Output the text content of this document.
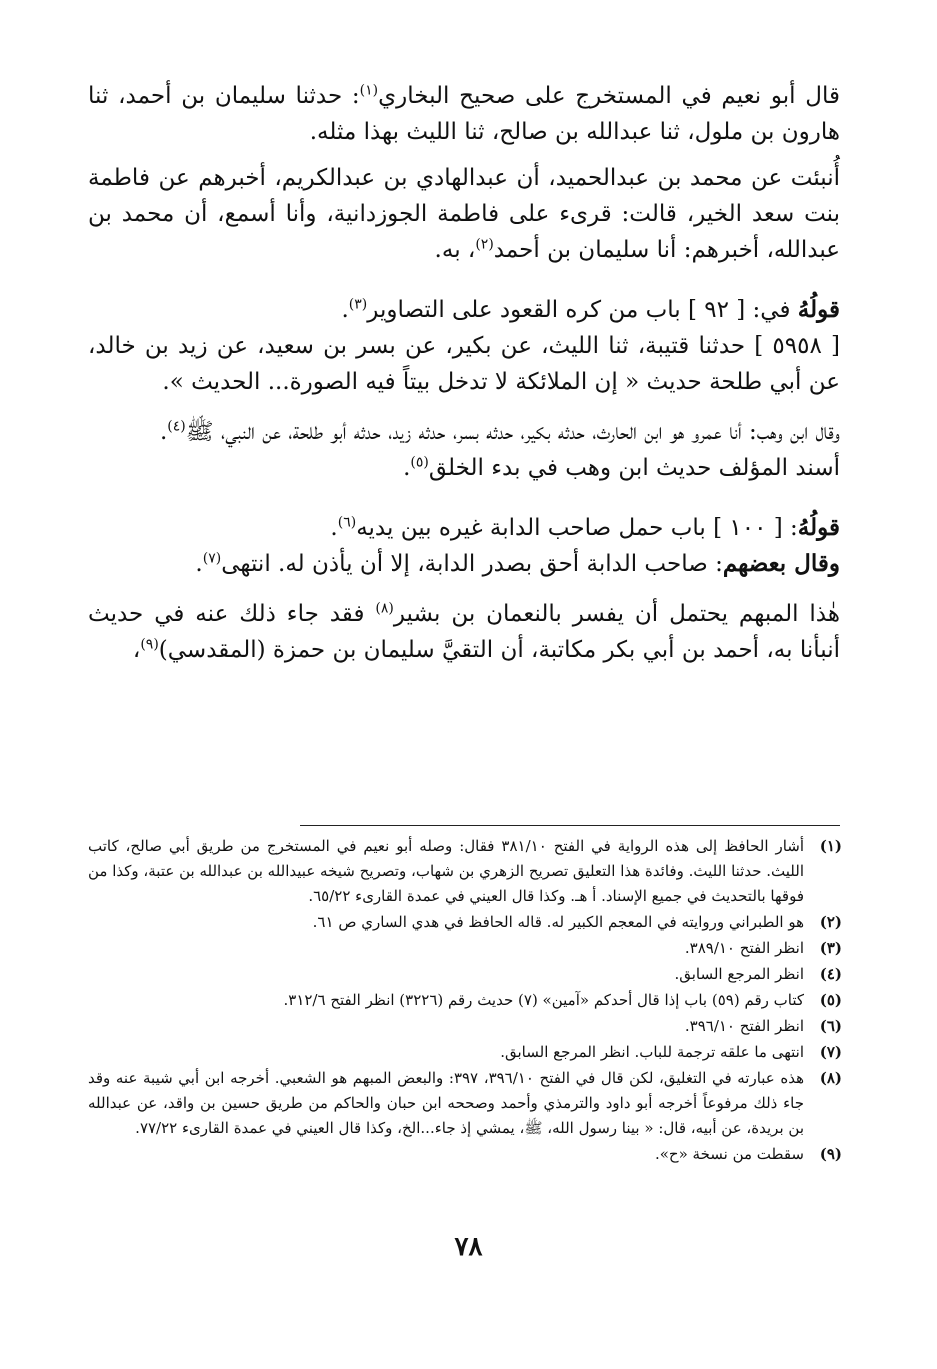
قال أبو نعيم في المستخرج على صحيح البخاري$^{(١)}$: حدثنا سليمان بن أحمد، ثنا هارون بن ملول، ثنا عبدالله بن صالح، ثنا الليث بهذا مثله.

أُنبئت عن محمد بن عبدالحميد، أن عبدالهادي بن عبدالكريم، أخبرهم عن فاطمة بنت سعد الخير، قالت: قرىء على فاطمة الجوزدانية، وأنا أسمع، أن محمد بن عبدالله، أخبرهم: أنا سليمان بن أحمد$^{(٢)}$، به.

قولُهُ في: [ ٩٢ ] باب من كره القعود على التصاوير$^{(٣)}$.

[ ٥٩٥٨ ] حدثنا قتيبة، ثنا الليث، عن بكير، عن بسر بن سعيد، عن زيد بن خالد، عن أبي طلحة حديث « إن الملائكة لا تدخل بيتاً فيه الصورة... الحديث ».

وقال ابن وهب: أنا عمرو هو ابن الحارث، حدثه بكير، حدثه بسر، حدثه زيد، حدثه أبو طلحة، عن النبي، ﷺ$^{(٤)}$.

أسند المؤلف حديث ابن وهب في بدء الخلق$^{(٥)}$.

قولُهُ: [ ١٠٠ ] باب حمل صاحب الدابة غيره بين يديه$^{(٦)}$.

وقال بعضهم: صاحب الدابة أحق بصدر الدابة، إلا أن يأذن له. انتهى$^{(٧)}$.

هٰذا المبهم يحتمل أن يفسر بالنعمان بن بشير$^{(٨)}$ فقد جاء ذلك عنه في حديث أنبأنا به، أحمد بن أبي بكر مكاتبة، أن التقيَّ سليمان بن حمزة (المقدسي)$^{(٩)}$،

(١)
أشار الحافظ إلى هذه الرواية في الفتح ٣٨١/١٠ فقال: وصله أبو نعيم في المستخرج من طريق أبي صالح، كاتب الليث. حدثنا الليث. وفائدة هذا التعليق تصريح الزهري بن شهاب، وتصريح شيخه عبيدالله بن عبدالله بن عتبة، وكذا من فوقها بالتحديث في جميع الإسناد. أ هـ. وكذا قال العيني في عمدة القارىء ٦٥/٢٢.
(٢)
هو الطبراني وروايته في المعجم الكبير له. قاله الحافظ في هدي الساري ص ٦١.
(٣)
انظر الفتح ٣٨٩/١٠.
(٤)
انظر المرجع السابق.
(٥)
كتاب رقم (٥٩) باب إذا قال أحدكم «آمين» (٧) حديث رقم (٣٢٢٦) انظر الفتح ٣١٢/٦.
(٦)
انظر الفتح ٣٩٦/١٠.
(٧)
انتهى ما علقه ترجمة للباب. انظر المرجع السابق.
(٨)
هذه عبارته في التغليق، لكن قال في الفتح ٣٩٦/١٠، ٣٩٧: والبعض المبهم هو الشعبي. أخرجه ابن أبي شيبة عنه وقد جاء ذلك مرفوعاً أخرجه أبو داود والترمذي وأحمد وصححه ابن حبان والحاكم من طريق حسين بن واقد، عن عبدالله بن بريدة، عن أبيه، قال: « بينا رسول الله، ﷺ، يمشي إذ جاء...الخ، وكذا قال العيني في عمدة القارىء ٧٧/٢٢.
(٩)
سقطت من نسخة «ح».
٧٨
